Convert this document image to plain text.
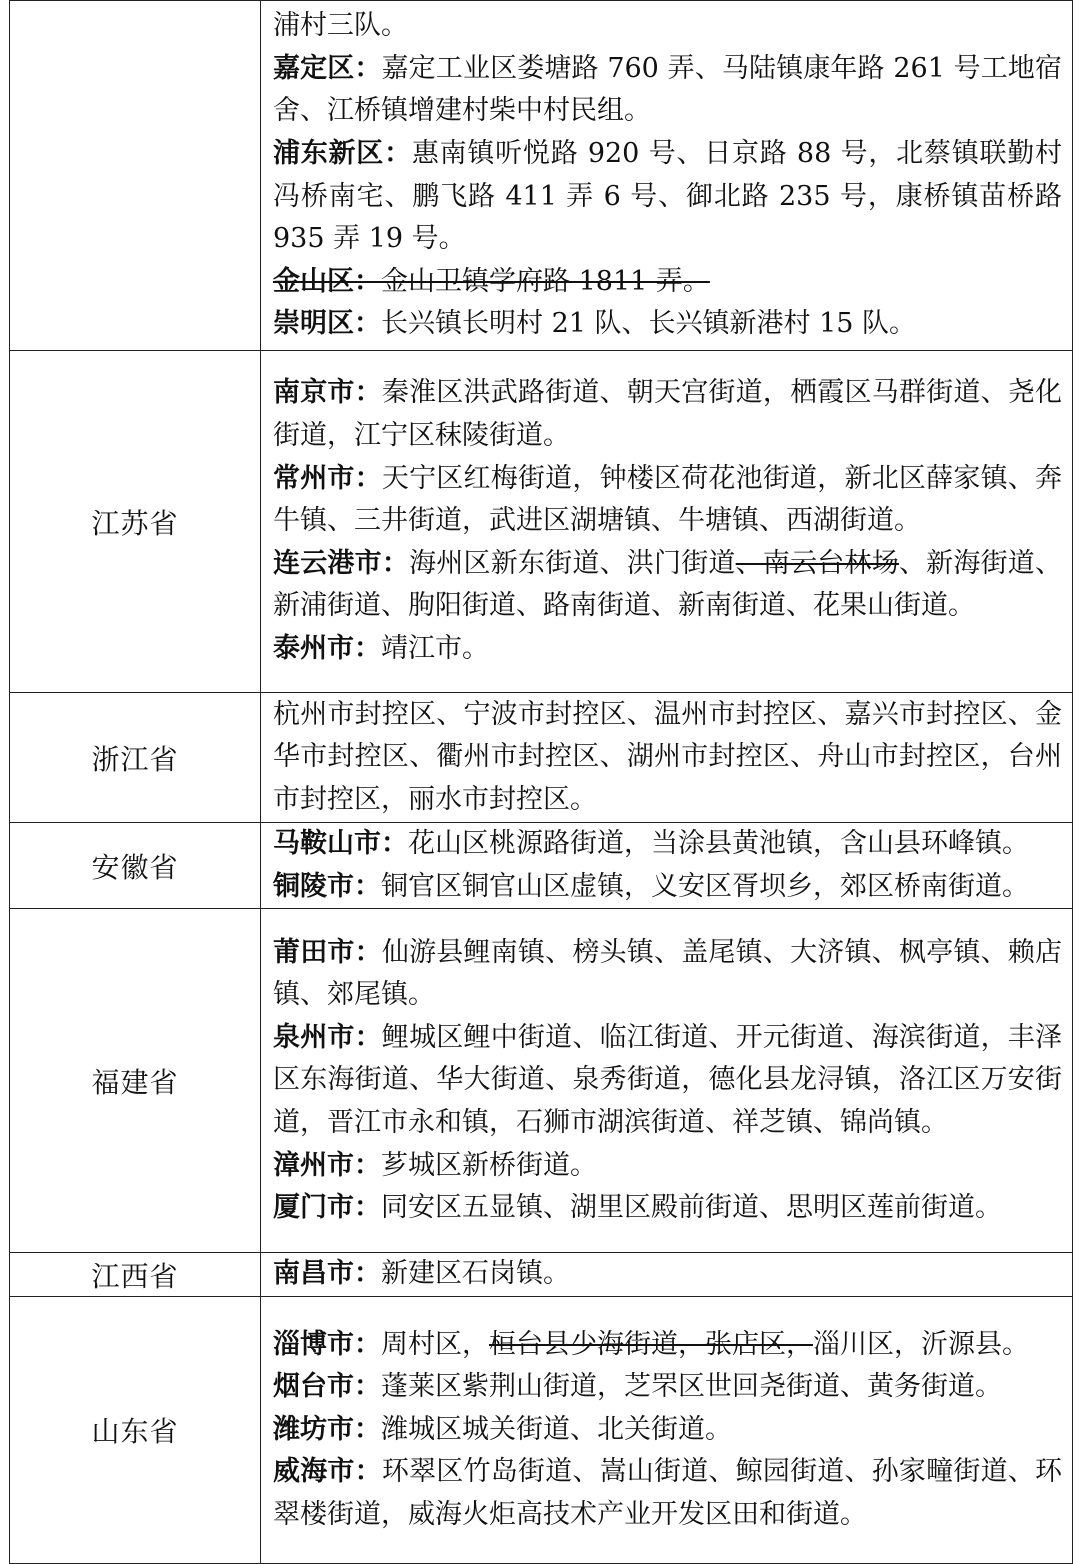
	浦村三队。
嘉定区：嘉定工业区娄塘路 760 弄、马陆镇康年路 261 号工地宿舍、江桥镇增建村柴中村民组。
浦东新区：惠南镇听悦路 920 号、日京路 88 号，北蔡镇联勤村冯桥南宅、鹏飞路 411 弄 6 号、御北路 235 号，康桥镇苗桥路 935 弄 19 号。
金山区：金山卫镇学府路 1811 弄。
崇明区：长兴镇长明村 21 队、长兴镇新港村 15 队。

江苏省	南京市：秦淮区洪武路街道、朝天宫街道，栖霞区马群街道、尧化街道，江宁区秣陵街道。
常州市：天宁区红梅街道，钟楼区荷花池街道，新北区薛家镇、奔牛镇、三井街道，武进区湖塘镇、牛塘镇、西湖街道。
连云港市：海州区新东街道、洪门街道、南云台林场、新海街道、新浦街道、朐阳街道、路南街道、新南街道、花果山街道。
泰州市：靖江市。

浙江省	杭州市封控区、宁波市封控区、温州市封控区、嘉兴市封控区、金华市封控区、衢州市封控区、湖州市封控区、舟山市封控区，台州市封控区，丽水市封控区。

安徽省	马鞍山市：花山区桃源路街道，当涂县黄池镇，含山县环峰镇。
铜陵市：铜官区铜官山区虚镇，义安区胥坝乡，郊区桥南街道。

福建省	莆田市：仙游县鲤南镇、榜头镇、盖尾镇、大济镇、枫亭镇、赖店镇、郊尾镇。
泉州市：鲤城区鲤中街道、临江街道、开元街道、海滨街道，丰泽区东海街道、华大街道、泉秀街道，德化县龙浔镇，洛江区万安街道，晋江市永和镇，石狮市湖滨街道、祥芝镇、锦尚镇。
漳州市：芗城区新桥街道。
厦门市：同安区五显镇、湖里区殿前街道、思明区莲前街道。

江西省	南昌市：新建区石岗镇。

山东省	淄博市：周村区，桓台县少海街道，张店区，淄川区，沂源县。
烟台市：蓬莱区紫荆山街道，芝罘区世回尧街道、黄务街道。
潍坊市：潍城区城关街道、北关街道。
威海市：环翠区竹岛街道、嵩山街道、鲸园街道、孙家疃街道、环翠楼街道，威海火炬高技术产业开发区田和街道。
